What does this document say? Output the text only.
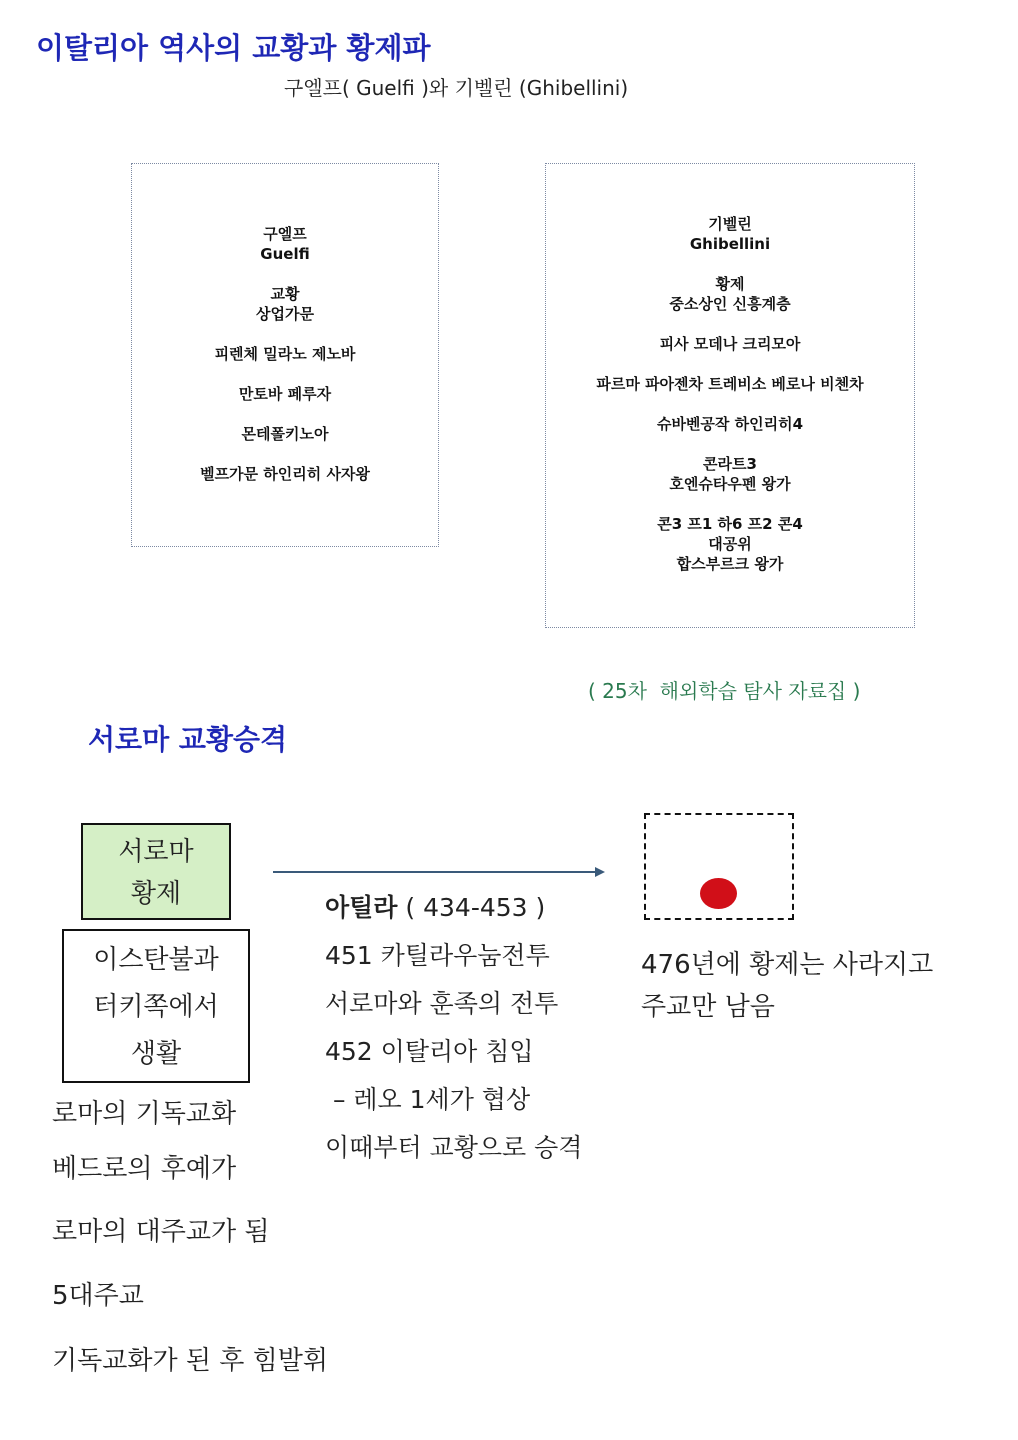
이탈리아 역사의 교황과 황제파
구엘프( Guelfi )와 기벨린 (Ghibellini)
구엘프
Guelfi
교황
상업가문
피렌체 밀라노 제노바
만토바 페루자
몬테폴키노아
벨프가문 하인리히 사자왕
기벨린
Ghibellini
황제
중소상인 신흥계층
피사 모데나 크리모아
파르마 파아젠차 트레비소 베로나 비첸차
슈바벤공작 하인리히4
콘라트3
호엔슈타우펜 왕가
콘3 프1 하6 프2 콘4
대공위
합스부르크 왕가
( 25차  해외학습 탐사 자료집 )
서로마 교황승격
서로마
황제
이스탄불과
터키쪽에서
생활
로마의 기독교화
베드로의 후예가
로마의 대주교가 됨
5대주교
기독교화가 된 후 힘발휘
아틸라 ( 434-453 )
451 카틸라우눔전투
서로마와 훈족의 전투
452 이탈리아 침입
– 레오 1세가 협상
이때부터 교황으로 승격
476년에 황제는 사라지고
주교만 남음
